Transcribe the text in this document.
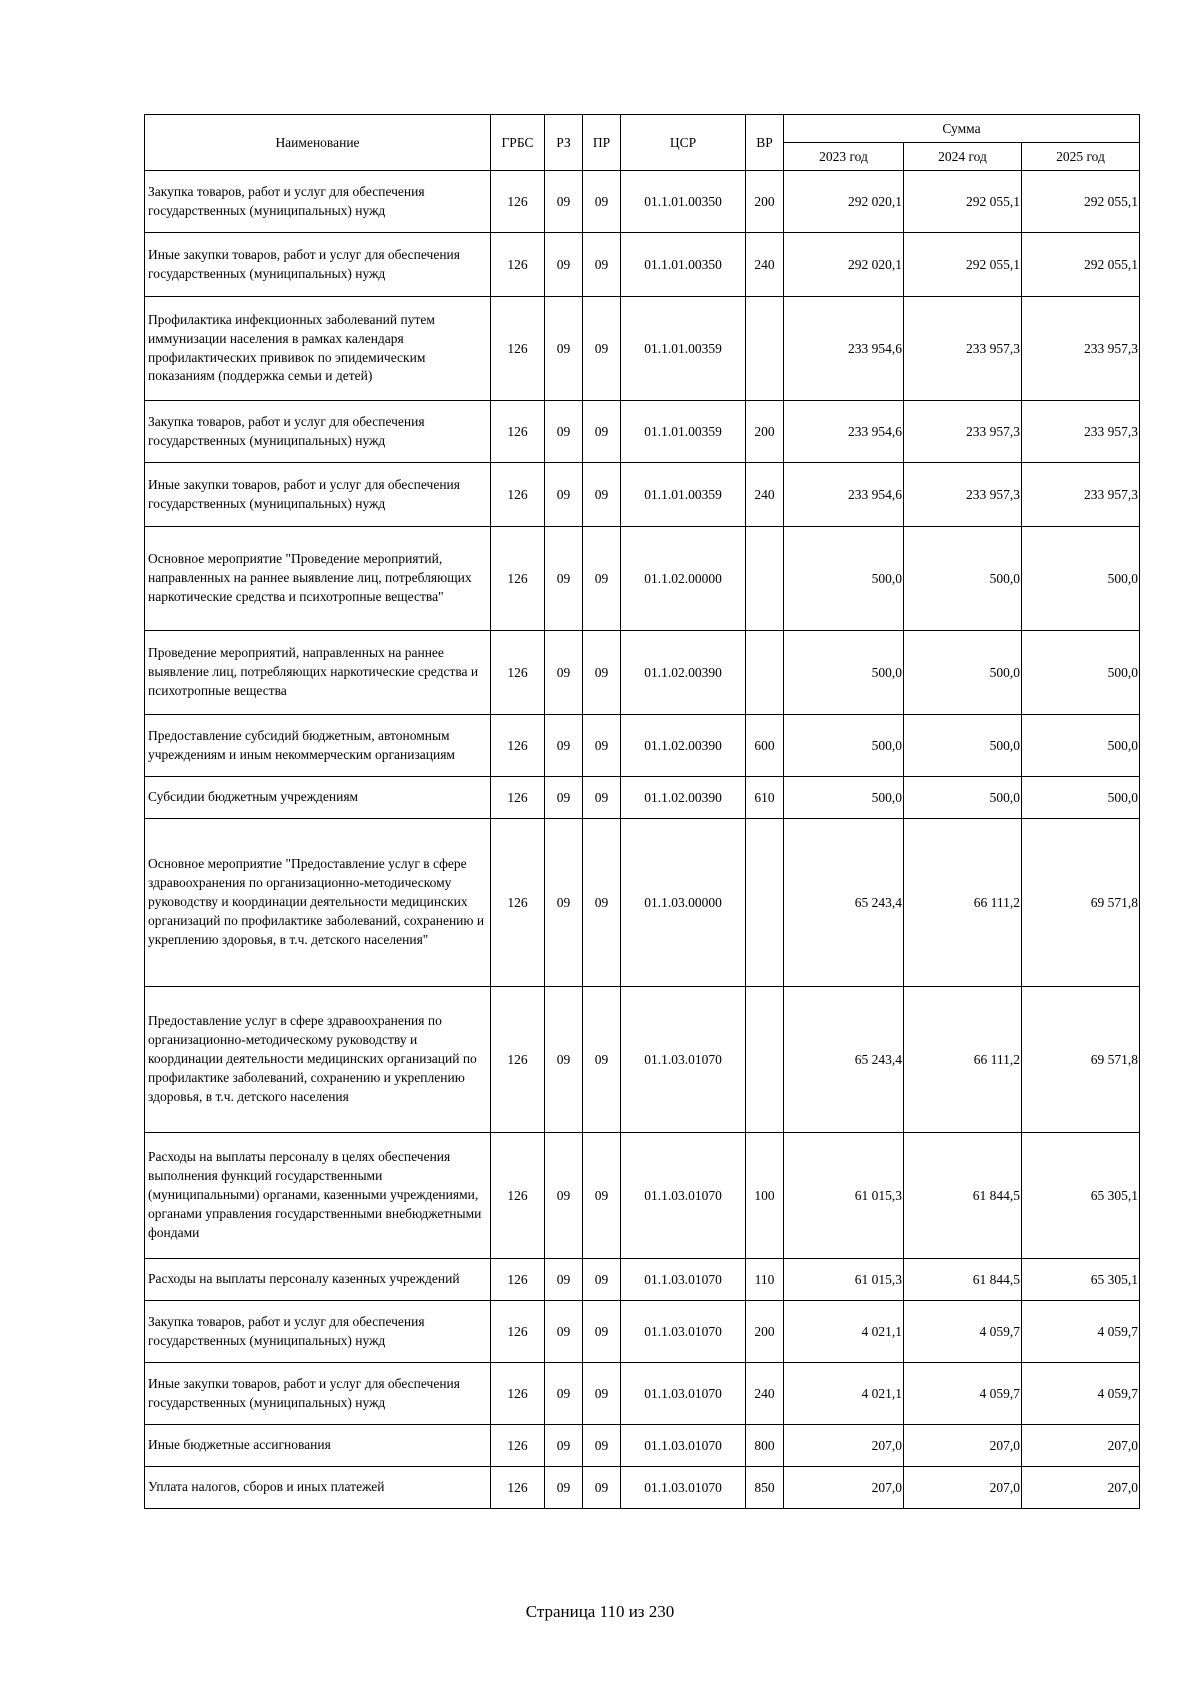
Наименование	ГРБС	РЗ	ПР	ЦСР	ВР	Сумма		
						2023 год	2024 год	2025 год
Закупка товаров, работ и услуг для обеспечения государственных (муниципальных) нужд	126	09	09	01.1.01.00350	200	292 020,1	292 055,1	292 055,1
Иные закупки товаров, работ и услуг для обеспечения государственных (муниципальных) нужд	126	09	09	01.1.01.00350	240	292 020,1	292 055,1	292 055,1
Профилактика инфекционных заболеваний путем иммунизации населения в рамках календаря профилактических прививок по эпидемическим показаниям (поддержка семьи и детей)	126	09	09	01.1.01.00359		233 954,6	233 957,3	233 957,3
Закупка товаров, работ и услуг для обеспечения государственных (муниципальных) нужд	126	09	09	01.1.01.00359	200	233 954,6	233 957,3	233 957,3
Иные закупки товаров, работ и услуг для обеспечения государственных (муниципальных) нужд	126	09	09	01.1.01.00359	240	233 954,6	233 957,3	233 957,3
Основное мероприятие "Проведение мероприятий, направленных на раннее выявление лиц, потребляющих наркотические средства и психотропные вещества"	126	09	09	01.1.02.00000		500,0	500,0	500,0
Проведение мероприятий, направленных на раннее выявление лиц, потребляющих наркотические средства и психотропные вещества	126	09	09	01.1.02.00390		500,0	500,0	500,0
Предоставление субсидий бюджетным, автономным учреждениям и иным некоммерческим организациям	126	09	09	01.1.02.00390	600	500,0	500,0	500,0
Субсидии бюджетным учреждениям	126	09	09	01.1.02.00390	610	500,0	500,0	500,0
Основное мероприятие "Предоставление услуг в сфере здравоохранения по организационно-методическому руководству и координации деятельности медицинских организаций по профилактике заболеваний, сохранению и укреплению здоровья, в т.ч. детского населения"	126	09	09	01.1.03.00000		65 243,4	66 111,2	69 571,8
Предоставление услуг в сфере здравоохранения по организационно-методическому руководству и координации деятельности медицинских организаций по профилактике заболеваний, сохранению и укреплению здоровья, в т.ч. детского населения	126	09	09	01.1.03.01070		65 243,4	66 111,2	69 571,8
Расходы на выплаты персоналу в целях обеспечения выполнения функций государственными (муниципальными) органами, казенными учреждениями, органами управления государственными внебюджетными фондами	126	09	09	01.1.03.01070	100	61 015,3	61 844,5	65 305,1
Расходы на выплаты персоналу казенных учреждений	126	09	09	01.1.03.01070	110	61 015,3	61 844,5	65 305,1
Закупка товаров, работ и услуг для обеспечения государственных (муниципальных) нужд	126	09	09	01.1.03.01070	200	4 021,1	4 059,7	4 059,7
Иные закупки товаров, работ и услуг для обеспечения государственных (муниципальных) нужд	126	09	09	01.1.03.01070	240	4 021,1	4 059,7	4 059,7
Иные бюджетные ассигнования	126	09	09	01.1.03.01070	800	207,0	207,0	207,0
Уплата налогов, сборов и иных платежей	126	09	09	01.1.03.01070	850	207,0	207,0	207,0
Страница 110 из 230
